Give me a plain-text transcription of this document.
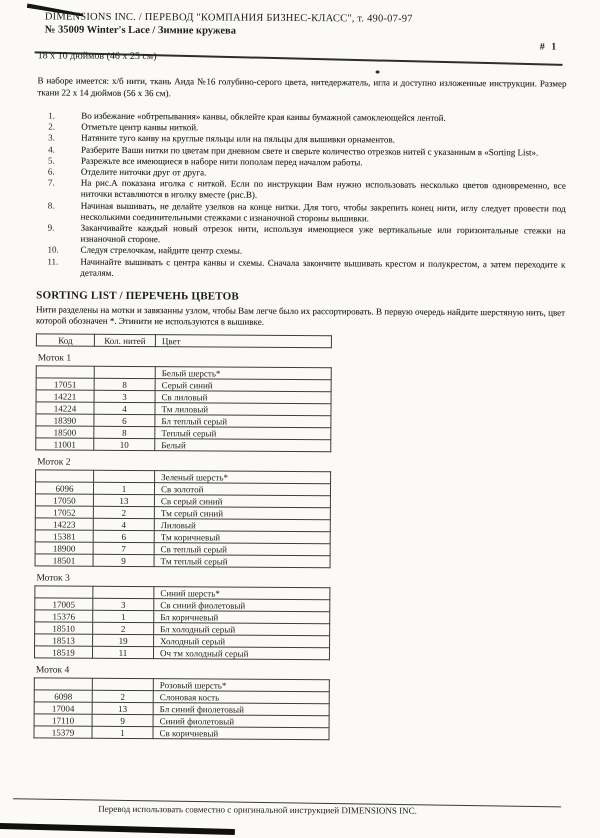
# 1
DIMENSIONS INC. / ПЕРЕВОД "КОМПАНИЯ БИЗНЕС-КЛАСС", т. 490-07-97
№ 35009 Winter's Lace / Зимние кружева
18 x 10 дюймов (46 x 25 см)
В наборе имеется: х/б нити, ткань Аида №16 голубино-серого цвета, нитедержатель, игла и доступно изложенные инструкции. Размер ткани 22 x 14 дюймов (56 x 36 см).
1.	Во избежание «обтрепывания» канвы, обклейте края канвы бумажной самоклеющейся лентой.
2.	Отметьте центр канвы ниткой.
3.	Натяните туго канву на круглые пяльцы или на пяльцы для вышивки орнаментов.
4.	Разберите Ваши нитки по цветам при дневном свете и сверьте количество отрезков нитей с указанным в «Sorting List».
5.	Разрежьте все имеющиеся в наборе нити пополам перед началом работы.
6.	Отделите ниточки друг от друга.
7.	На рис.А показана иголка с ниткой. Если по инструкции Вам нужно использовать несколько цветов одновременно, все ниточки вставляются в иголку вместе (рис.В).
8.	Начиная вышивать, не делайте узелков на конце нитки. Для того, чтобы закрепить конец нити, иглу следует провести под несколькими соединительными стежками с изнаночной стороны вышивки.
9.	Заканчивайте каждый новый отрезок нити, используя имеющиеся уже вертикальные или горизонтальные стежки на изнаночной стороне.
10.	Следуя стрелочкам, найдите центр схемы.
11.	Начинайте вышивать с центра канвы и схемы. Сначала закончите вышивать крестом и полукрестом, а затем переходите к деталям.
SORTING LIST / ПЕРЕЧЕНЬ ЦВЕТОВ
Нити разделены на мотки и завязанны узлом, чтобы Вам легче было их рассортировать. В первую очередь найдите шерстяную нить, цвет которой обозначен *. Этинити не используются в вышивке.
Код	Кол. нитей	Цвет
Моток 1
		Белый шерсть*
17051	8	Серый синий
14221	3	Св лиловый
14224	4	Тм лиловый
18390	6	Бл теплый серый
18500	8	Теплый серый
11001	10	Белый
Моток 2
		Зеленый шерсть*
6096	1	Св золотой
17050	13	Св серый синий
17052	2	Тм серый синий
14223	4	Лиловый
15381	6	Тм коричневый
18900	7	Св теплый серый
18501	9	Тм теплый серый
Моток 3
		Синий шерсть*
17005	3	Св синий фиолетовый
15376	1	Бл коричневый
18510	2	Бл холодный серый
18513	19	Холодный серый
18519	11	Оч тм холодный серый
Моток 4
		Розовый шерсть*
6098	2	Слоновая кость
17004	13	Бл синий фиолетовый
17110	9	Синий фиолетовый
15379	1	Св коричневый
Перевод использовать совместно с оригинальной инструкцией DIMENSIONS INC.
